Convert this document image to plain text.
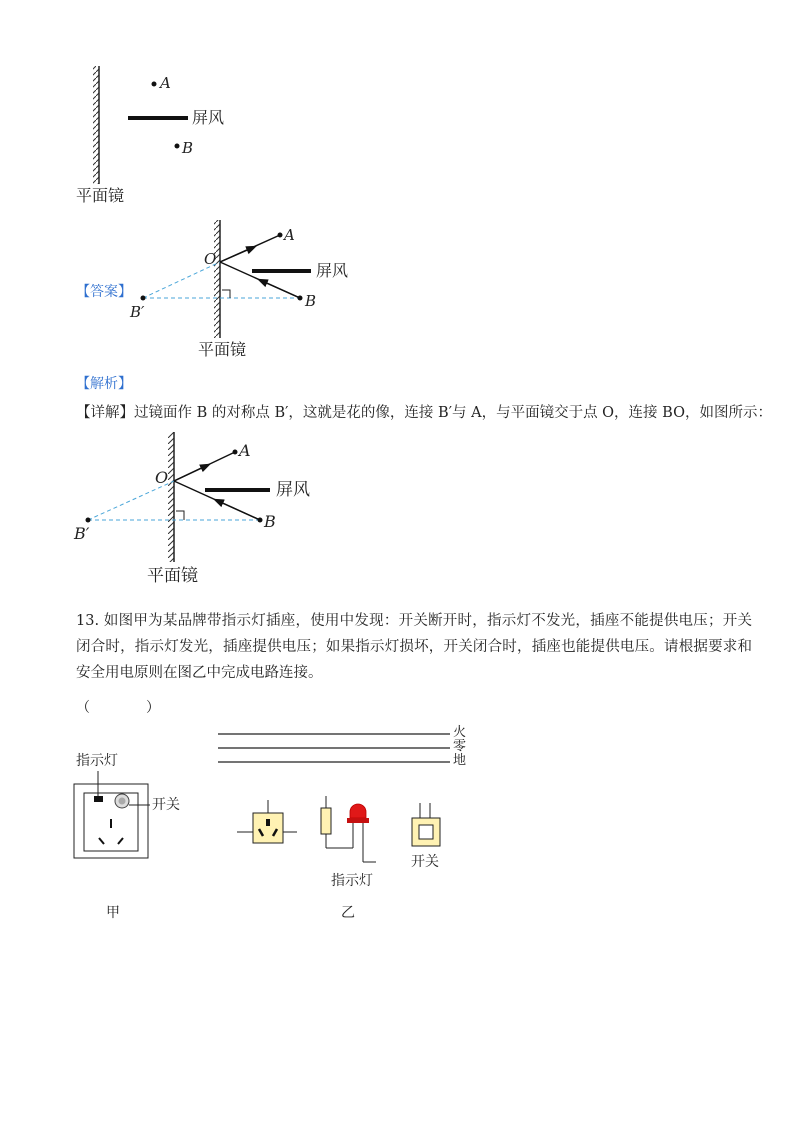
A
B
屏风
平面镜
【答案】
O
A
B
B′
屏风
平面镜
【解析】
【详解】过镜面作 B 的对称点 B′，这就是花的像，连接 B′与 A，与平面镜交于点 O，连接 BO，如图所示：
O
A
B
B′
屏风
平面镜
13. 如图甲为某品牌带指示灯插座，使用中发现：开关断开时，指示灯不发光，插座不能提供电压；开关闭合时，指示灯发光，插座提供电压；如果指示灯损坏，开关闭合时，插座也能提供电压。请根据要求和安全用电原则在图乙中完成电路连接。
（　　　　）
指示灯
开关
甲
火
零
地
指示灯
开关
乙
